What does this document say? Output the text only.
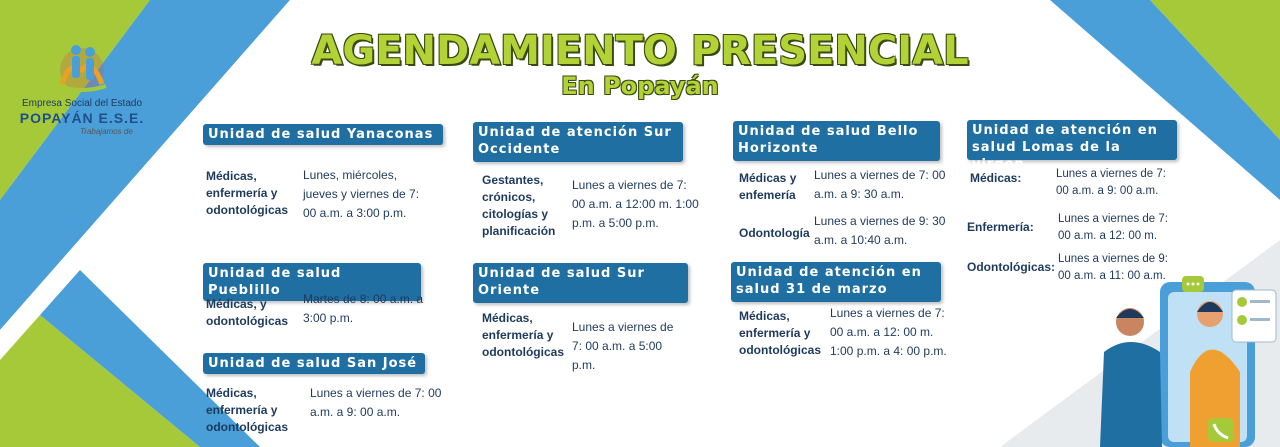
Empresa Social del Estado
POPAYÁN E.S.E.
Trabajamos de
AGENDAMIENTO PRESENCIAL
En Popayán
Unidad de salud Yanaconas
Médicas, enfermería y odontológicas
Lunes, miércoles, jueves y viernes de 7: 00 a.m. a 3:00 p.m.
Unidad de salud Pueblillo
Médicas, y odontológicas
Martes de 8: 00 a.m. a 3:00 p.m.
Unidad de salud San José
Médicas, enfermería y odontológicas
Lunes a viernes de 7: 00 a.m. a 9: 00 a.m.
Unidad de atención Sur Occidente
Gestantes, crónicos, citologías y planificación
Lunes a viernes de 7: 00 a.m. a 12:00 m. 1:00 p.m. a 5:00 p.m.
Unidad de salud Sur Oriente
Médicas, enfermería y odontológicas
Lunes a viernes de 7: 00 a.m. a 5:00 p.m.
Unidad de salud Bello Horizonte
Médicas y enfemería
Lunes a viernes de 7: 00 a.m. a 9: 30 a.m.
Odontología
Lunes a viernes de 9: 30 a.m. a 10:40 a.m.
Unidad de atención en salud 31 de marzo
Médicas, enfermería y odontológicas
Lunes a viernes de 7: 00 a.m. a 12: 00 m. 1:00 p.m. a 4: 00 p.m.
Unidad de atención en salud Lomas de la virgen
Médicas:	Lunes a viernes de 7: 00 a.m. a 9: 00 a.m.
Enfermería:
Lunes a viernes de 7: 00 a.m. a 12: 00 m.
Odontológicas:
Lunes a viernes de 9: 00 a.m. a 11: 00 a.m.
